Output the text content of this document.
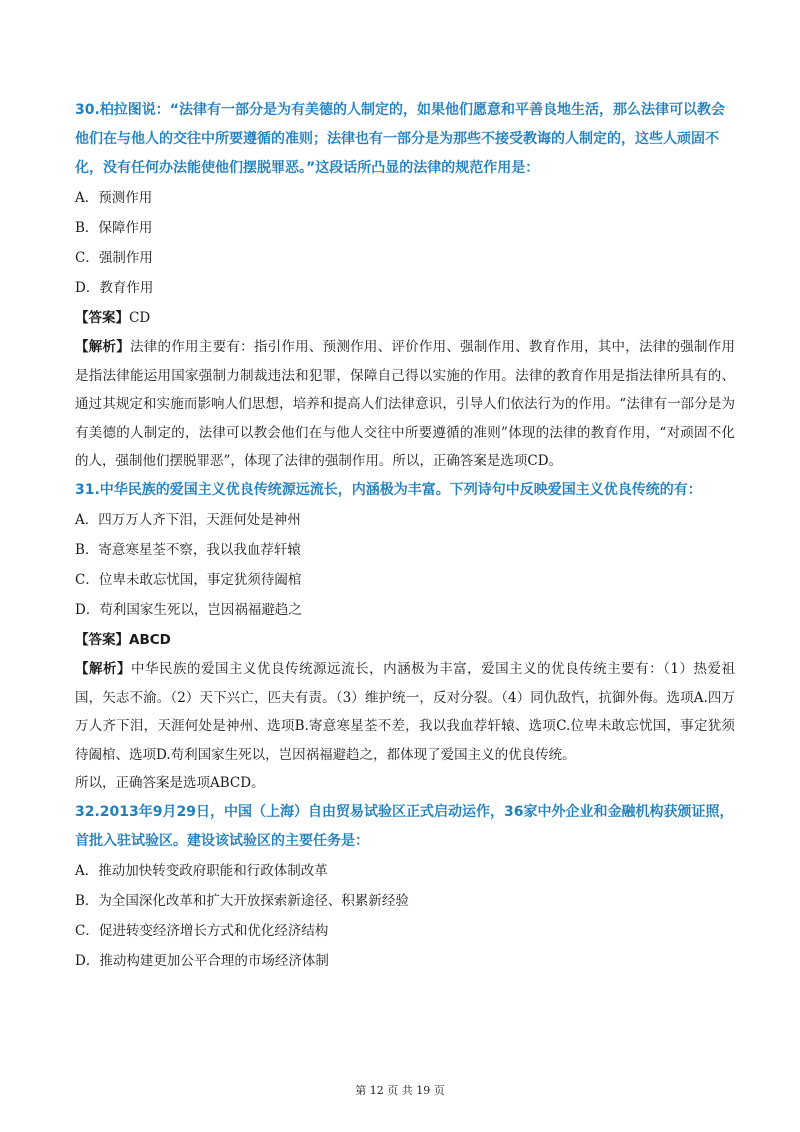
30.柏拉图说：“法律有一部分是为有美德的人制定的，如果他们愿意和平善良地生活，那么法律可以教会他们在与他人的交往中所要遵循的准则；法律也有一部分是为那些不接受教诲的人制定的，这些人顽固不化，没有任何办法能使他们摆脱罪恶。”这段话所凸显的法律的规范作用是：

A．预测作用

B．保障作用

C．强制作用

D．教育作用

【答案】CD

【解析】法律的作用主要有：指引作用、预测作用、评价作用、强制作用、教育作用，其中，法律的强制作用是指法律能运用国家强制力制裁违法和犯罪，保障自己得以实施的作用。法律的教育作用是指法律所具有的、通过其规定和实施而影响人们思想，培养和提高人们法律意识，引导人们依法行为的作用。“法律有一部分是为有美德的人制定的，法律可以教会他们在与他人交往中所要遵循的准则”体现的法律的教育作用，“对顽固不化的人，强制他们摆脱罪恶”，体现了法律的强制作用。所以，正确答案是选项CD。

31.中华民族的爱国主义优良传统源远流长，内涵极为丰富。下列诗句中反映爱国主义优良传统的有：

A．四万万人齐下泪，天涯何处是神州

B．寄意寒星荃不察，我以我血荐轩辕

C．位卑未敢忘忧国，事定犹须待阖棺

D．苟利国家生死以，岂因祸福避趋之

【答案】ABCD

【解析】中华民族的爱国主义优良传统源远流长，内涵极为丰富，爱国主义的优良传统主要有：（1）热爱祖国，矢志不渝。（2）天下兴亡，匹夫有责。（3）维护统一，反对分裂。（4）同仇敌忾，抗御外侮。选项A.四万万人齐下泪，天涯何处是神州、选项B.寄意寒星荃不差，我以我血荐轩辕、选项C.位卑未敢忘忧国，事定犹须待阖棺、选项D.苟利国家生死以，岂因祸福避趋之，都体现了爱国主义的优良传统。

所以，正确答案是选项ABCD。

32.2013年9月29日，中国（上海）自由贸易试验区正式启动运作，36家中外企业和金融机构获颁证照，首批入驻试验区。建设该试验区的主要任务是：

A．推动加快转变政府职能和行政体制改革

B．为全国深化改革和扩大开放探索新途径、积累新经验

C．促进转变经济增长方式和优化经济结构

D．推动构建更加公平合理的市场经济体制

第 12 页 共 19 页
